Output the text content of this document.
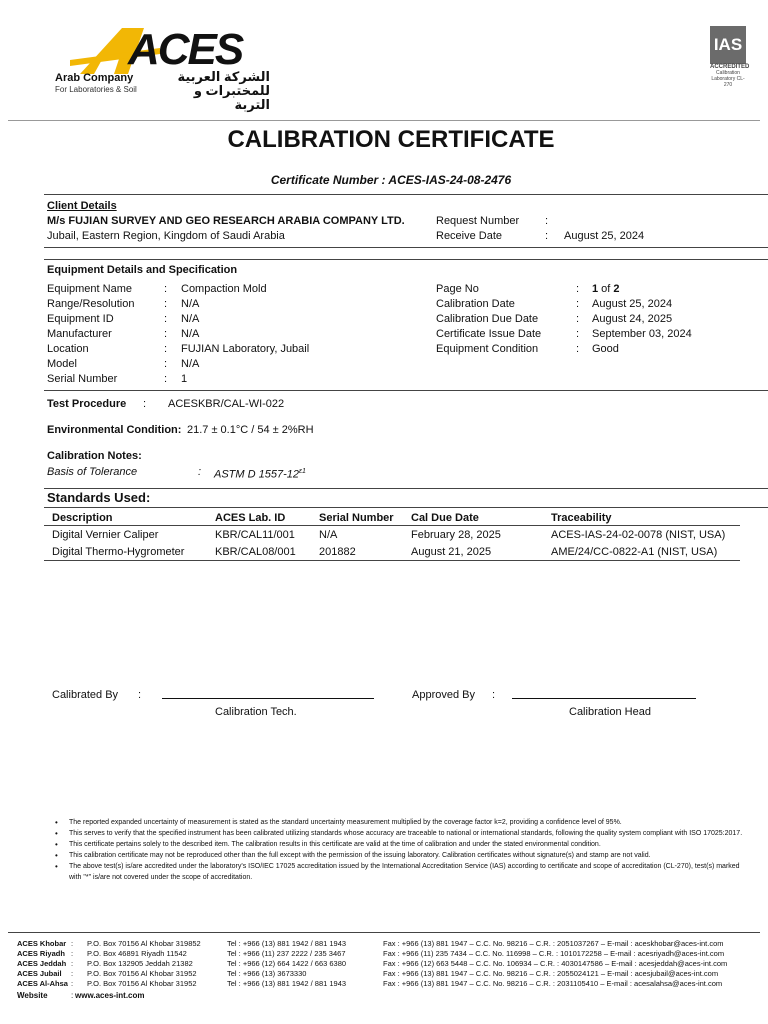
ACES
Arab Company
For Laboratories & Soil
الشركة العربية للمختبرات و التربة
IAS
ACCREDITED
Calibration Laboratory CL-270
CALIBRATION CERTIFICATE
Certificate Number : ACES-IAS-24-08-2476
Client Details
M/s FUJIAN SURVEY AND GEO RESEARCH ARABIA COMPANY LTD.
Jubail, Eastern Region, Kingdom of Saudi Arabia
Request Number :
Receive Date	: August 25, 2024
Equipment Details and Specification
Equipment Name	: Compaction Mold
Range/Resolution	: N/A
Equipment ID	: N/A
Manufacturer	: N/A
Location	: FUJIAN Laboratory, Jubail
Model	: N/A
Serial Number	: 1
Page No	: 1 of 2
Calibration Date	: August 25, 2024
Calibration Due Date	: August 24, 2025
Certificate Issue Date	: September 03, 2024
Equipment Condition	: Good
Test Procedure : ACESKBR/CAL-WI-022
Environmental Condition: 21.7 ± 0.1°C / 54 ± 2%RH
Calibration Notes:
Basis of Tolerance	: ASTM D $1557-12^{\varepsilon 1}$
Standards Used:
Description	ACES Lab. ID	Serial Number	Cal Due Date	Traceability
Digital Vernier Caliper	KBR/CAL11/001	N/A	February 28, 2025	ACES-IAS-24-02-0078 (NIST, USA)
Digital Thermo-Hygrometer	KBR/CAL08/001	201882	August 21, 2025	AME/24/CC-0822-A1 (NIST, USA)
Calibrated By :
Calibration Tech.
Approved By :
Calibration Head
• The reported expanded uncertainty of measurement is stated as the standard uncertainty measurement multiplied by the coverage factor k=2, providing a confidence level of 95%.
• This serves to verify that the specified instrument has been calibrated utilizing standards whose accuracy are traceable to national or international standards, following the quality system compliant with ISO 17025:2017.
• This certificate pertains solely to the described item. The calibration results in this certificate are valid at the time of calibration and under the stated environmental condition.
• This calibration certificate may not be reproduced other than the full except with the permission of the issuing laboratory. Calibration certificates without signature(s) and stamp are not valid.
• The above test(s) is/are accredited under the laboratory's ISO/IEC 17025 accreditation issued by the International Accreditation Service (IAS) according to certificate and scope of accreditation (CL-270), test(s) marked with "*" is/are not covered under the scope of accreditation.
ACES Khobar : P.O. Box 70156 Al Khobar 319852	Tel : +966 (13) 881 1942 / 881 1943	Fax : +966 (13) 881 1947 – C.C. No. 98216 – C.R. : 2051037267 – E-mail : aceskhobar@aces-int.com
ACES Riyadh : P.O. Box 46891 Riyadh 11542	Tel : +966 (11) 237 2222 / 235 3467	Fax : +966 (11) 235 7434 – C.C. No. 116998 – C.R. : 1010172258 – E-mail : acesriyadh@aces-int.com
ACES Jeddah : P.O. Box 132905 Jeddah 21382	Tel : +966 (12) 664 1422 / 663 6380	Fax : +966 (12) 663 5448 – C.C. No. 106934 – C.R. : 4030147586 – E-mail : acesjeddah@aces-int.com
ACES Jubail : P.O. Box 70156 Al Khobar 31952	Tel : +966 (13) 3673330	Fax : +966 (13) 881 1947 – C.C. No. 98216 – C.R. : 2055024121 – E-mail : acesjubail@aces-int.com
ACES Al-Ahsa : P.O. Box 70156 Al Khobar 31952	Tel : +966 (13) 881 1942 / 881 1943	Fax : +966 (13) 881 1947 – C.C. No. 98216 – C.R. : 2031105410 – E-mail : acesalahsa@aces-int.com
Website	: www.aces-int.com
